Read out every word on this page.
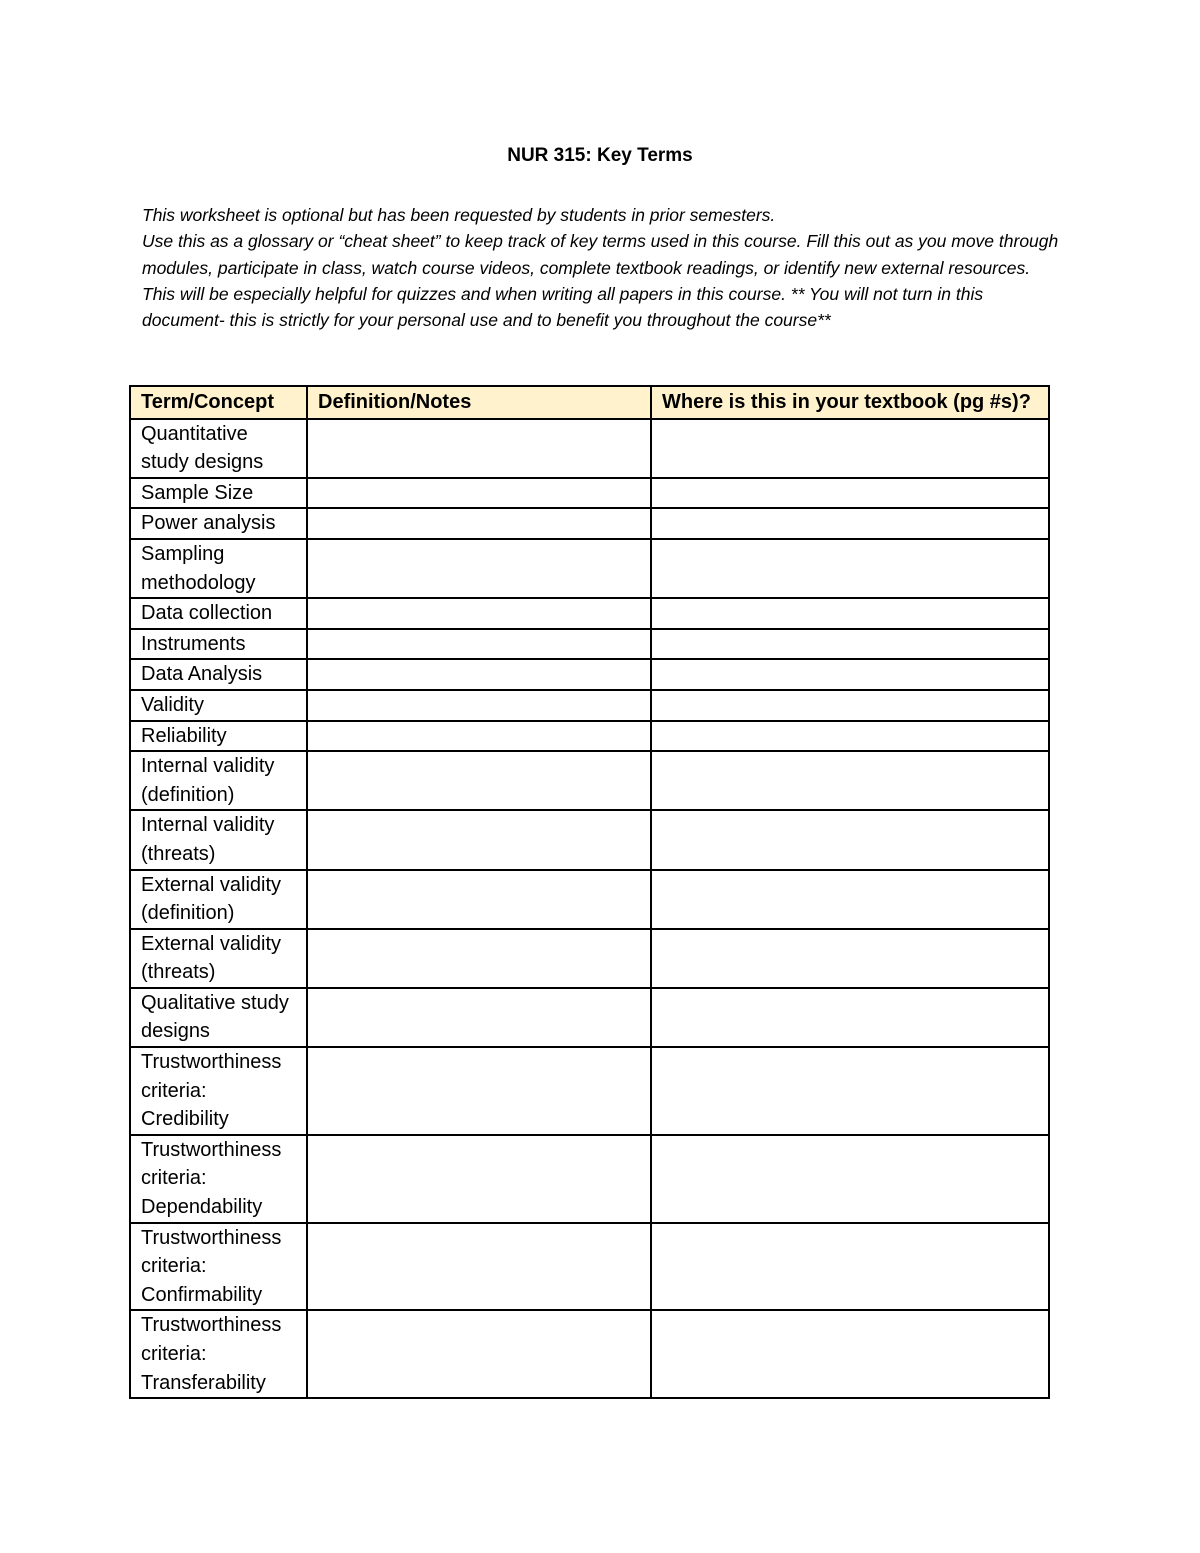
NUR 315: Key Terms

This worksheet is optional but has been requested by students in prior semesters.

Use this as a glossary or “cheat sheet” to keep track of key terms used in this course. Fill this out as you move through modules, participate in class, watch course videos, complete textbook readings, or identify new external resources. This will be especially helpful for quizzes and when writing all papers in this course. ** You will not turn in this document- this is strictly for your personal use and to benefit you throughout the course**

Term/Concept	Definition/Notes	Where is this in your textbook (pg #s)?
Quantitative study designs		
Sample Size		
Power analysis		
Sampling methodology		
Data collection		
Instruments		
Data Analysis		
Validity		
Reliability		
Internal validity (definition)		
Internal validity (threats)		
External validity (definition)		
External validity (threats)		
Qualitative study designs		
Trustworthiness criteria: Credibility		
Trustworthiness criteria: Dependability		
Trustworthiness criteria: Confirmability		
Trustworthiness criteria: Transferability		
